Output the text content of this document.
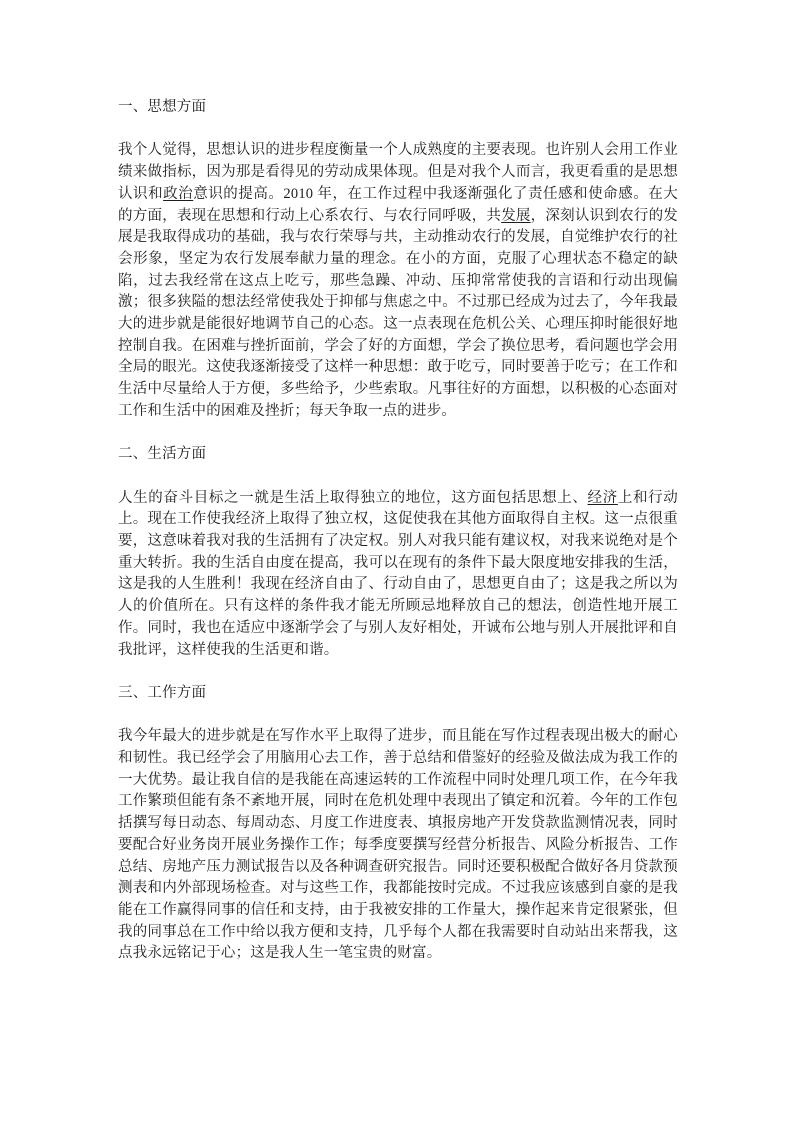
一、思想方面

我个人觉得，思想认识的进步程度衡量一个人成熟度的主要表现。也许别人会用工作业绩来做指标，因为那是看得见的劳动成果体现。但是对我个人而言，我更看重的是思想认识和政治意识的提高。2010 年，在工作过程中我逐渐强化了责任感和使命感。在大的方面，表现在思想和行动上心系农行、与农行同呼吸，共发展，深刻认识到农行的发展是我取得成功的基础，我与农行荣辱与共，主动推动农行的发展，自觉维护农行的社会形象，坚定为农行发展奉献力量的理念。在小的方面，克服了心理状态不稳定的缺陷，过去我经常在这点上吃亏，那些急躁、冲动、压抑常常使我的言语和行动出现偏激；很多狭隘的想法经常使我处于抑郁与焦虑之中。不过那已经成为过去了，今年我最大的进步就是能很好地调节自己的心态。这一点表现在危机公关、心理压抑时能很好地控制自我。在困难与挫折面前，学会了好的方面想，学会了换位思考，看问题也学会用全局的眼光。这使我逐渐接受了这样一种思想：敢于吃亏，同时要善于吃亏；在工作和生活中尽量给人于方便，多些给予，少些索取。凡事往好的方面想，以积极的心态面对工作和生活中的困难及挫折；每天争取一点的进步。

二、生活方面

人生的奋斗目标之一就是生活上取得独立的地位，这方面包括思想上、经济上和行动上。现在工作使我经济上取得了独立权，这促使我在其他方面取得自主权。这一点很重要，这意味着我对我的生活拥有了决定权。别人对我只能有建议权，对我来说绝对是个重大转折。我的生活自由度在提高，我可以在现有的条件下最大限度地安排我的生活，这是我的人生胜利！我现在经济自由了、行动自由了，思想更自由了；这是我之所以为人的价值所在。只有这样的条件我才能无所顾忌地释放自己的想法，创造性地开展工作。同时，我也在适应中逐渐学会了与别人友好相处，开诚布公地与别人开展批评和自我批评，这样使我的生活更和谐。

三、工作方面

我今年最大的进步就是在写作水平上取得了进步，而且能在写作过程表现出极大的耐心和韧性。我已经学会了用脑用心去工作，善于总结和借鉴好的经验及做法成为我工作的一大优势。最让我自信的是我能在高速运转的工作流程中同时处理几项工作，在今年我工作繁琐但能有条不紊地开展，同时在危机处理中表现出了镇定和沉着。今年的工作包括撰写每日动态、每周动态、月度工作进度表、填报房地产开发贷款监测情况表，同时要配合好业务岗开展业务操作工作；每季度要撰写经营分析报告、风险分析报告、工作总结、房地产压力测试报告以及各种调查研究报告。同时还要积极配合做好各月贷款预测表和内外部现场检查。对与这些工作，我都能按时完成。不过我应该感到自豪的是我能在工作赢得同事的信任和支持，由于我被安排的工作量大，操作起来肯定很紧张，但我的同事总在工作中给以我方便和支持，几乎每个人都在我需要时自动站出来帮我，这点我永远铭记于心；这是我人生一笔宝贵的财富。
